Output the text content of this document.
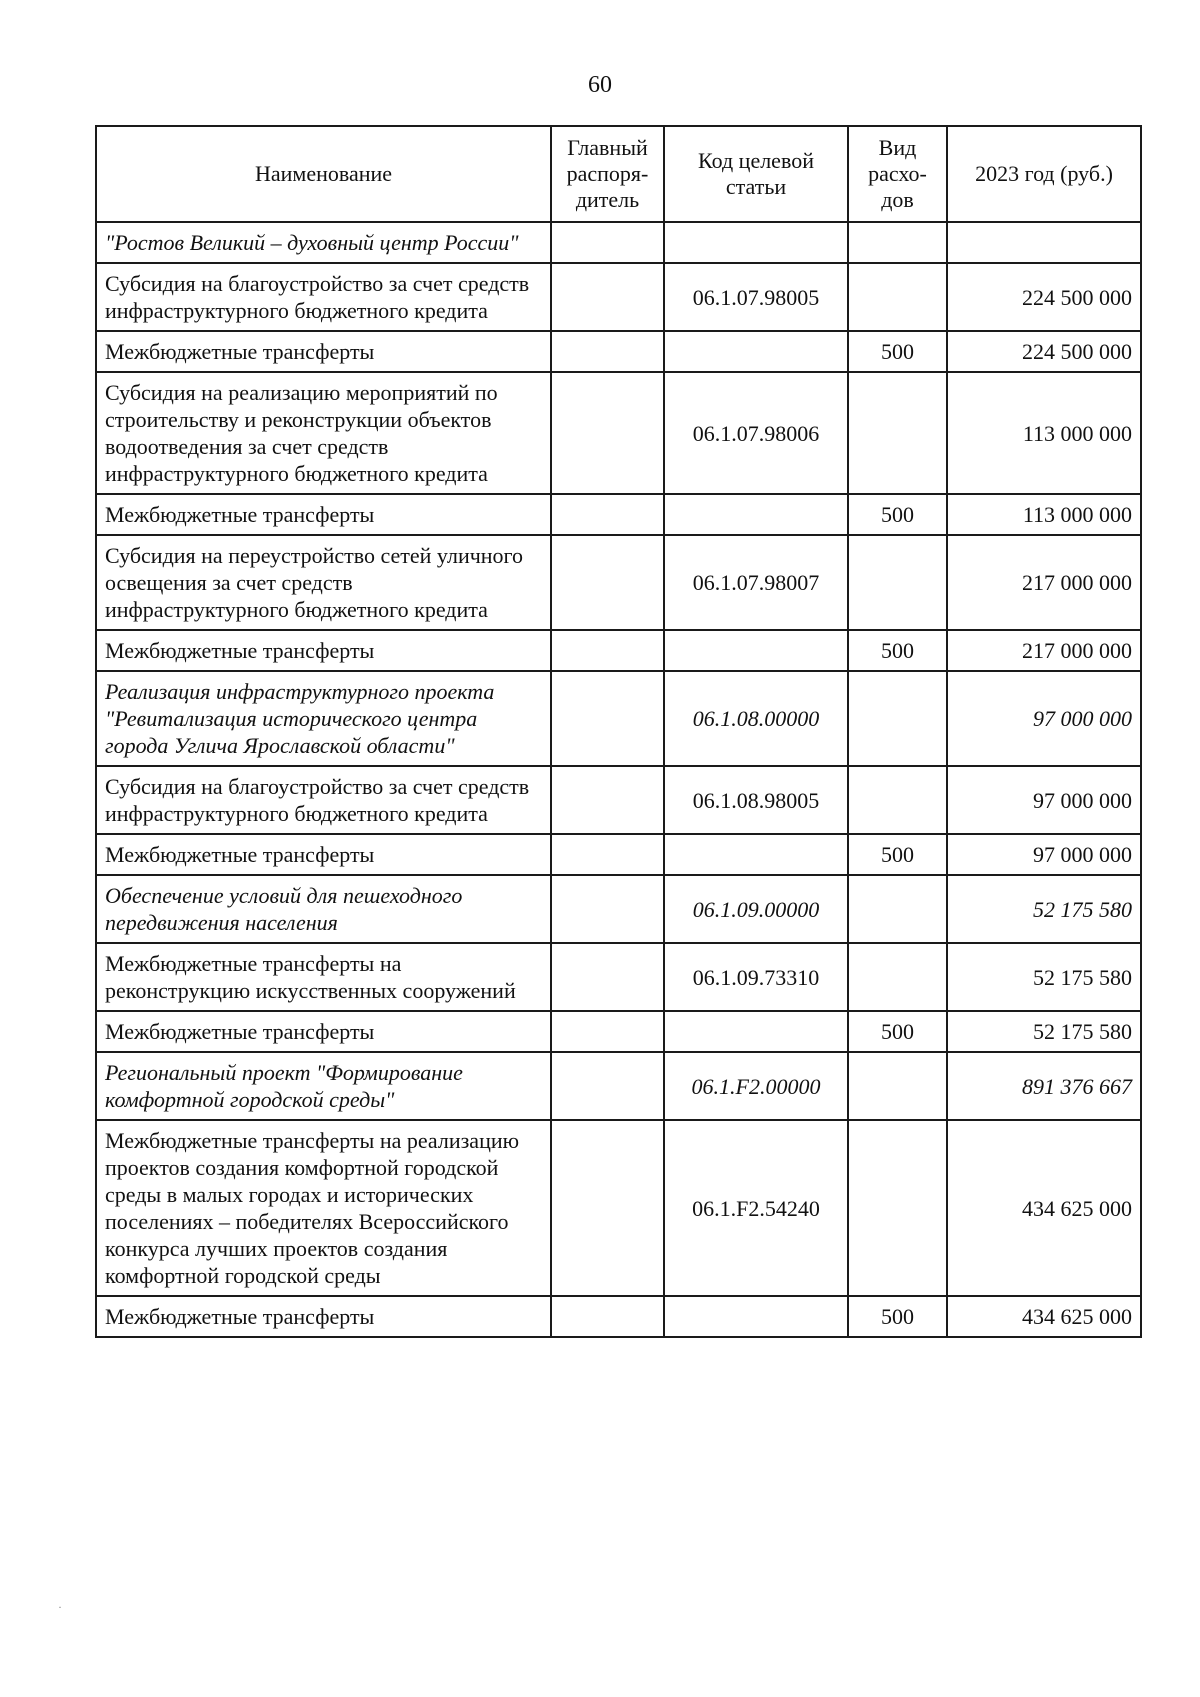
60
Наименование	Главный распоря-дитель	Код целевой статьи	Вид расхо-дов	2023 год (руб.)
"Ростов Великий – духовный центр России"				
Субсидия на благоустройство за счет средств инфраструктурного бюджетного кредита		06.1.07.98005		224 500 000
Межбюджетные трансферты			500	224 500 000
Субсидия на реализацию мероприятий по строительству и реконструкции объектов водоотведения за счет средств инфраструктурного бюджетного кредита		06.1.07.98006		113 000 000
Межбюджетные трансферты			500	113 000 000
Субсидия на переустройство сетей уличного освещения за счет средств инфраструктурного бюджетного кредита		06.1.07.98007		217 000 000
Межбюджетные трансферты			500	217 000 000
Реализация инфраструктурного проекта "Ревитализация исторического центра города Углича Ярославской области"		06.1.08.00000		97 000 000
Субсидия на благоустройство за счет средств инфраструктурного бюджетного кредита		06.1.08.98005		97 000 000
Межбюджетные трансферты			500	97 000 000
Обеспечение условий для пешеходного передвижения населения		06.1.09.00000		52 175 580
Межбюджетные трансферты на реконструкцию искусственных сооружений		06.1.09.73310		52 175 580
Межбюджетные трансферты			500	52 175 580
Региональный проект "Формирование комфортной городской среды"		06.1.F2.00000		891 376 667
Межбюджетные трансферты на реализацию проектов создания комфортной городской среды в малых городах и исторических поселениях – победителях Всероссийского конкурса лучших проектов создания комфортной городской среды		06.1.F2.54240		434 625 000
Межбюджетные трансферты			500	434 625 000
·
